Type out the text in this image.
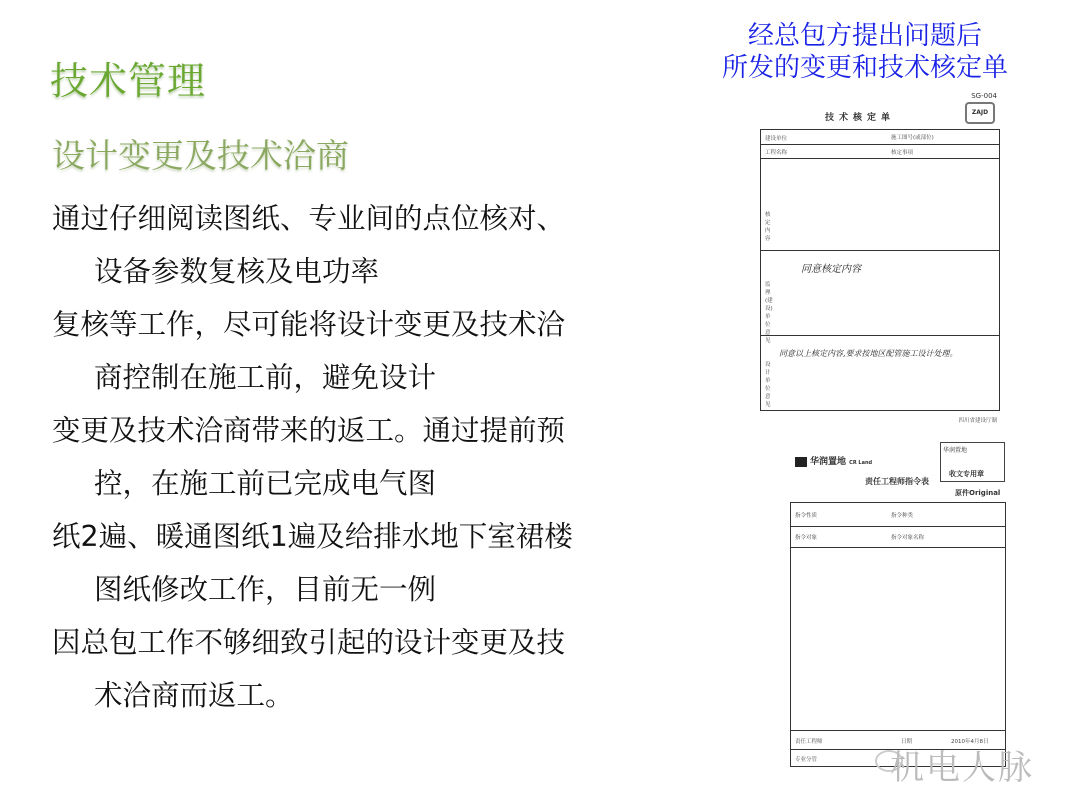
技术管理
设计变更及技术洽商

通过仔细阅读图纸、专业间的点位核对、

设备参数复核及电功率

复核等工作，尽可能将设计变更及技术洽

商控制在施工前，避免设计

变更及技术洽商带来的返工。通过提前预

控，在施工前已完成电气图

纸2遍、暖通图纸1遍及给排水地下室裙楼

图纸修改工作，目前无一例

因总包工作不够细致引起的设计变更及技

术洽商而返工。

经总包方提出问题后
所发的变更和技术核定单
SG-004
ZAJD
技术核定单
建设单位	施工图号(或部位)
工程名称	核定事项
核定内容
监理(建设)单位意见
同意核定内容
设计单位意见
同意以上核定内容,要求按地区配管施工设计处理。
四川省建设厅制
华润置地 CR Land
华润置地
收文专用章
责任工程师指令表
原件Original
指令性质	指令种类
指令对象	指令对象名称
责任工程师	日期	2010年4月8日
专业分管 机电人脉
